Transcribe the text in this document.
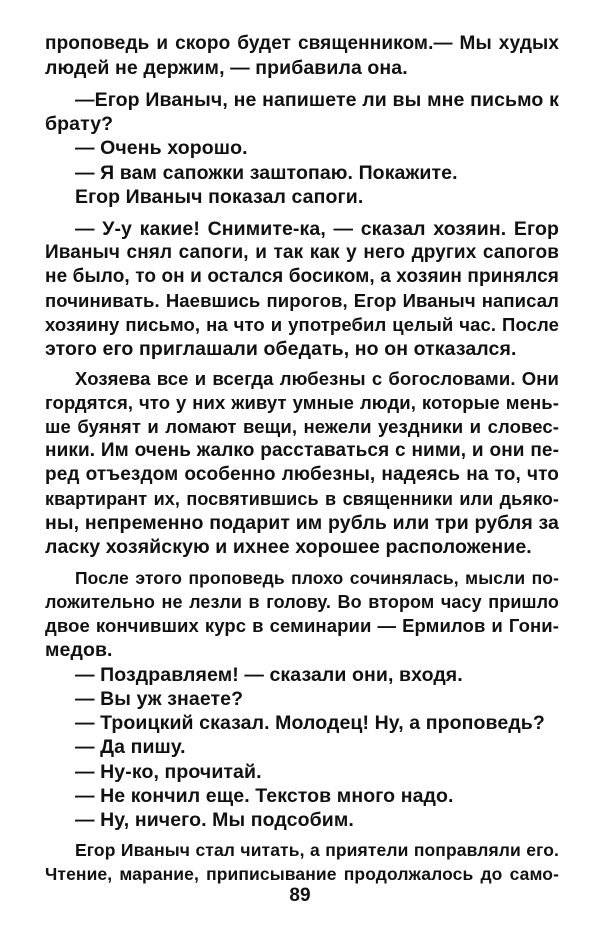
проповедь и скоро будет священником.— Мы худых
людей не держим, — прибавила она.
—Егор Иваныч, не напишете ли вы мне письмо к
брату?
— Очень хорошо.
— Я вам сапожки заштопаю. Покажите.
Егор Иваныч показал сапоги.
— У-у какие! Снимите-ка, — сказал хозяин. Егор
Иваныч снял сапоги, и так как у него других сапогов
не было, то он и остался босиком, а хозяин принялся
починивать. Наевшись пирогов, Егор Иваныч написал
хозяину письмо, на что и употребил целый час. После
этого его приглашали обедать, но он отказался.
Хозяева все и всегда любезны с богословами. Они
гордятся, что у них живут умные люди, которые мень-
ше буянят и ломают вещи, нежели уездники и словес-
ники. Им очень жалко расставаться с ними, и они пе-
ред отъездом особенно любезны, надеясь на то, что
квартирант их, посвятившись в священники или дьяко-
ны, непременно подарит им рубль или три рубля за
ласку хозяйскую и ихнее хорошее расположение.
После этого проповедь плохо сочинялась, мысли по-
ложительно не лезли в голову. Во втором часу пришло
двое кончивших курс в семинарии — Ермилов и Гони-
медов.
— Поздравляем! — сказали они, входя.
— Вы уж знаете?
— Троицкий сказал. Молодец! Ну, а проповедь?
— Да пишу.
— Ну-ко, прочитай.
— Не кончил еще. Текстов много надо.
— Ну, ничего. Мы подсобим.
Егор Иваныч стал читать, а приятели поправляли его.
Чтение, марание, приписывание продолжалось до само-
89
